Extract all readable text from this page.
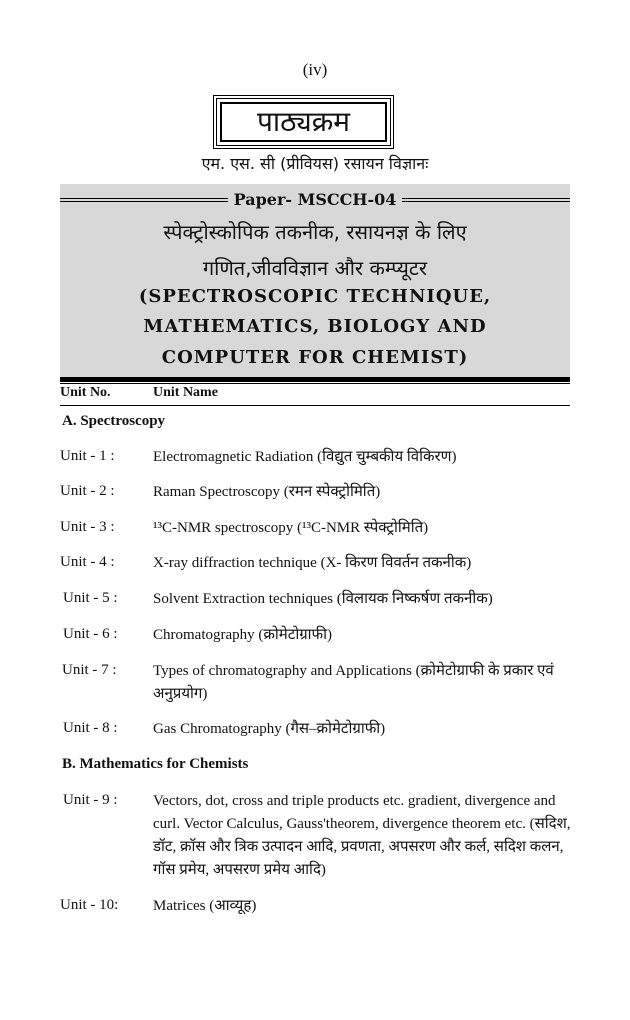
(iv)
पाठ्यक्रम
एम. एस. सी (प्रीवियस) रसायन विज्ञानः
Paper- MSCCH-04
स्पेक्ट्रोस्कोपिक तकनीक, रसायनज्ञ के लिए
गणित,जीवविज्ञान और कम्प्यूटर
(SPECTROSCOPIC TECHNIQUE,
MATHEMATICS, BIOLOGY AND
COMPUTER FOR CHEMIST)
Unit No.	Unit Name
A. Spectroscopy
Unit - 1 :	Electromagnetic Radiation (विद्युत चुम्बकीय विकिरण)
Unit - 2 :	Raman Spectroscopy (रमन स्पेक्ट्रोमिति)
Unit - 3 :	¹³C-NMR spectroscopy (¹³C-NMR स्पेक्ट्रोमिति)
Unit - 4 :	X-ray diffraction technique (X- किरण विवर्तन तकनीक)
Unit - 5 :	Solvent Extraction techniques (विलायक निष्कर्षण तकनीक)
Unit - 6 :	Chromatography (क्रोमेटोग्राफी)
Unit - 7 :	Types of chromatography and Applications (क्रोमेटोग्राफी के प्रकार एवं अनुप्रयोग)
Unit - 8 :	Gas Chromatography (गैस–क्रोमेटोग्राफी)
B. Mathematics for Chemists
Unit - 9 :	Vectors, dot, cross and triple products etc. gradient, divergence and curl. Vector Calculus, Gauss'theorem, divergence theorem etc. (सदिश, डॉट, क्रॉस और त्रिक उत्पादन आदि, प्रवणता, अपसरण और कर्ल, सदिश कलन, गॉस प्रमेय, अपसरण प्रमेय आदि)
Unit - 10:	Matrices (आव्यूह)
